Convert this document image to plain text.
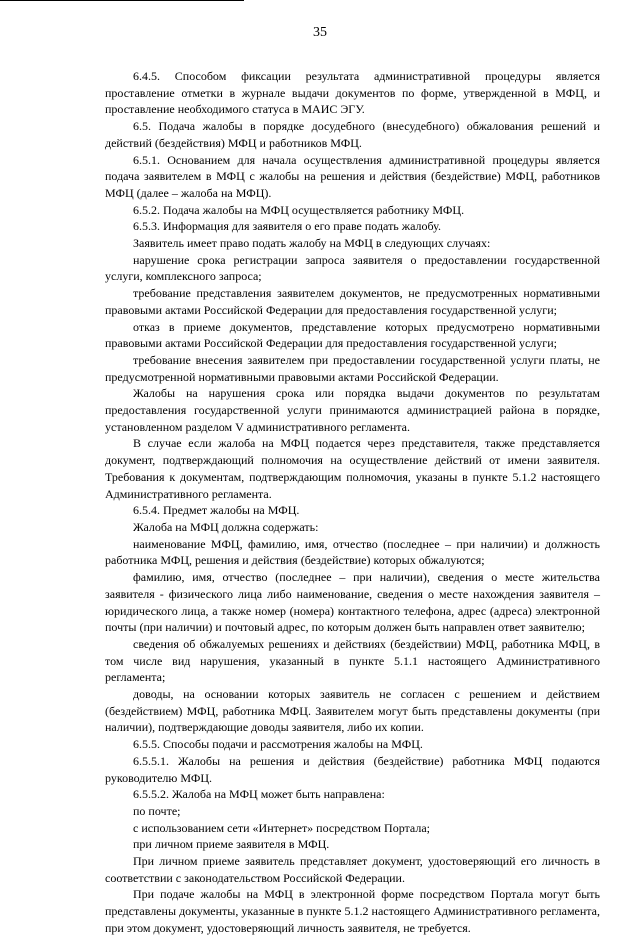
35

6.4.5. Способом фиксации результата административной процедуры является проставление отметки в журнале выдачи документов по форме, утвержденной в МФЦ, и проставление необходимого статуса в МАИС ЭГУ.

6.5. Подача жалобы в порядке досудебного (внесудебного) обжалования решений и действий (бездействия) МФЦ и работников МФЦ.

6.5.1. Основанием для начала осуществления административной процедуры является подача заявителем в МФЦ с жалобы на решения и действия (бездействие) МФЦ, работников МФЦ (далее – жалоба на МФЦ).

6.5.2. Подача жалобы на МФЦ осуществляется работнику МФЦ.

6.5.3. Информация для заявителя о его праве подать жалобу.

Заявитель имеет право подать жалобу на МФЦ в следующих случаях:

нарушение срока регистрации запроса заявителя о предоставлении государственной услуги, комплексного запроса;

требование представления заявителем документов, не предусмотренных нормативными правовыми актами Российской Федерации для предоставления государственной услуги;

отказ в приеме документов, представление которых предусмотрено нормативными правовыми актами Российской Федерации для предоставления государственной услуги;

требование внесения заявителем при предоставлении государственной услуги платы, не предусмотренной нормативными правовыми актами Российской Федерации.

Жалобы на нарушения срока или порядка выдачи документов по результатам предоставления государственной услуги принимаются администрацией района в порядке, установленном разделом V административного регламента.

В случае если жалоба на МФЦ подается через представителя, также представляется документ, подтверждающий полномочия на осуществление действий от имени заявителя. Требования к документам, подтверждающим полномочия, указаны в пункте 5.1.2 настоящего Административного регламента.

6.5.4. Предмет жалобы на МФЦ.

Жалоба на МФЦ должна содержать:

наименование МФЦ, фамилию, имя, отчество (последнее – при наличии) и должность работника МФЦ, решения и действия (бездействие) которых обжалуются;

фамилию, имя, отчество (последнее – при наличии), сведения о месте жительства заявителя - физического лица либо наименование, сведения о месте нахождения заявителя – юридического лица, а также номер (номера) контактного телефона, адрес (адреса) электронной почты (при наличии) и почтовый адрес, по которым должен быть направлен ответ заявителю;

сведения об обжалуемых решениях и действиях (бездействии) МФЦ, работника МФЦ, в том числе вид нарушения, указанный в пункте 5.1.1 настоящего Административного регламента;

доводы, на основании которых заявитель не согласен с решением и действием (бездействием) МФЦ, работника МФЦ. Заявителем могут быть представлены документы (при наличии), подтверждающие доводы заявителя, либо их копии.

6.5.5. Способы подачи и рассмотрения жалобы на МФЦ.

6.5.5.1. Жалобы на решения и действия (бездействие) работника МФЦ подаются руководителю МФЦ.

6.5.5.2. Жалоба на МФЦ может быть направлена:

по почте;

с использованием сети «Интернет» посредством Портала;

при личном приеме заявителя в МФЦ.

При личном приеме заявитель представляет документ, удостоверяющий его личность в соответствии с законодательством Российской Федерации.

При подаче жалобы на МФЦ в электронной форме посредством Портала могут быть представлены документы, указанные в пункте 5.1.2 настоящего Административного регламента, при этом документ, удостоверяющий личность заявителя, не требуется.
